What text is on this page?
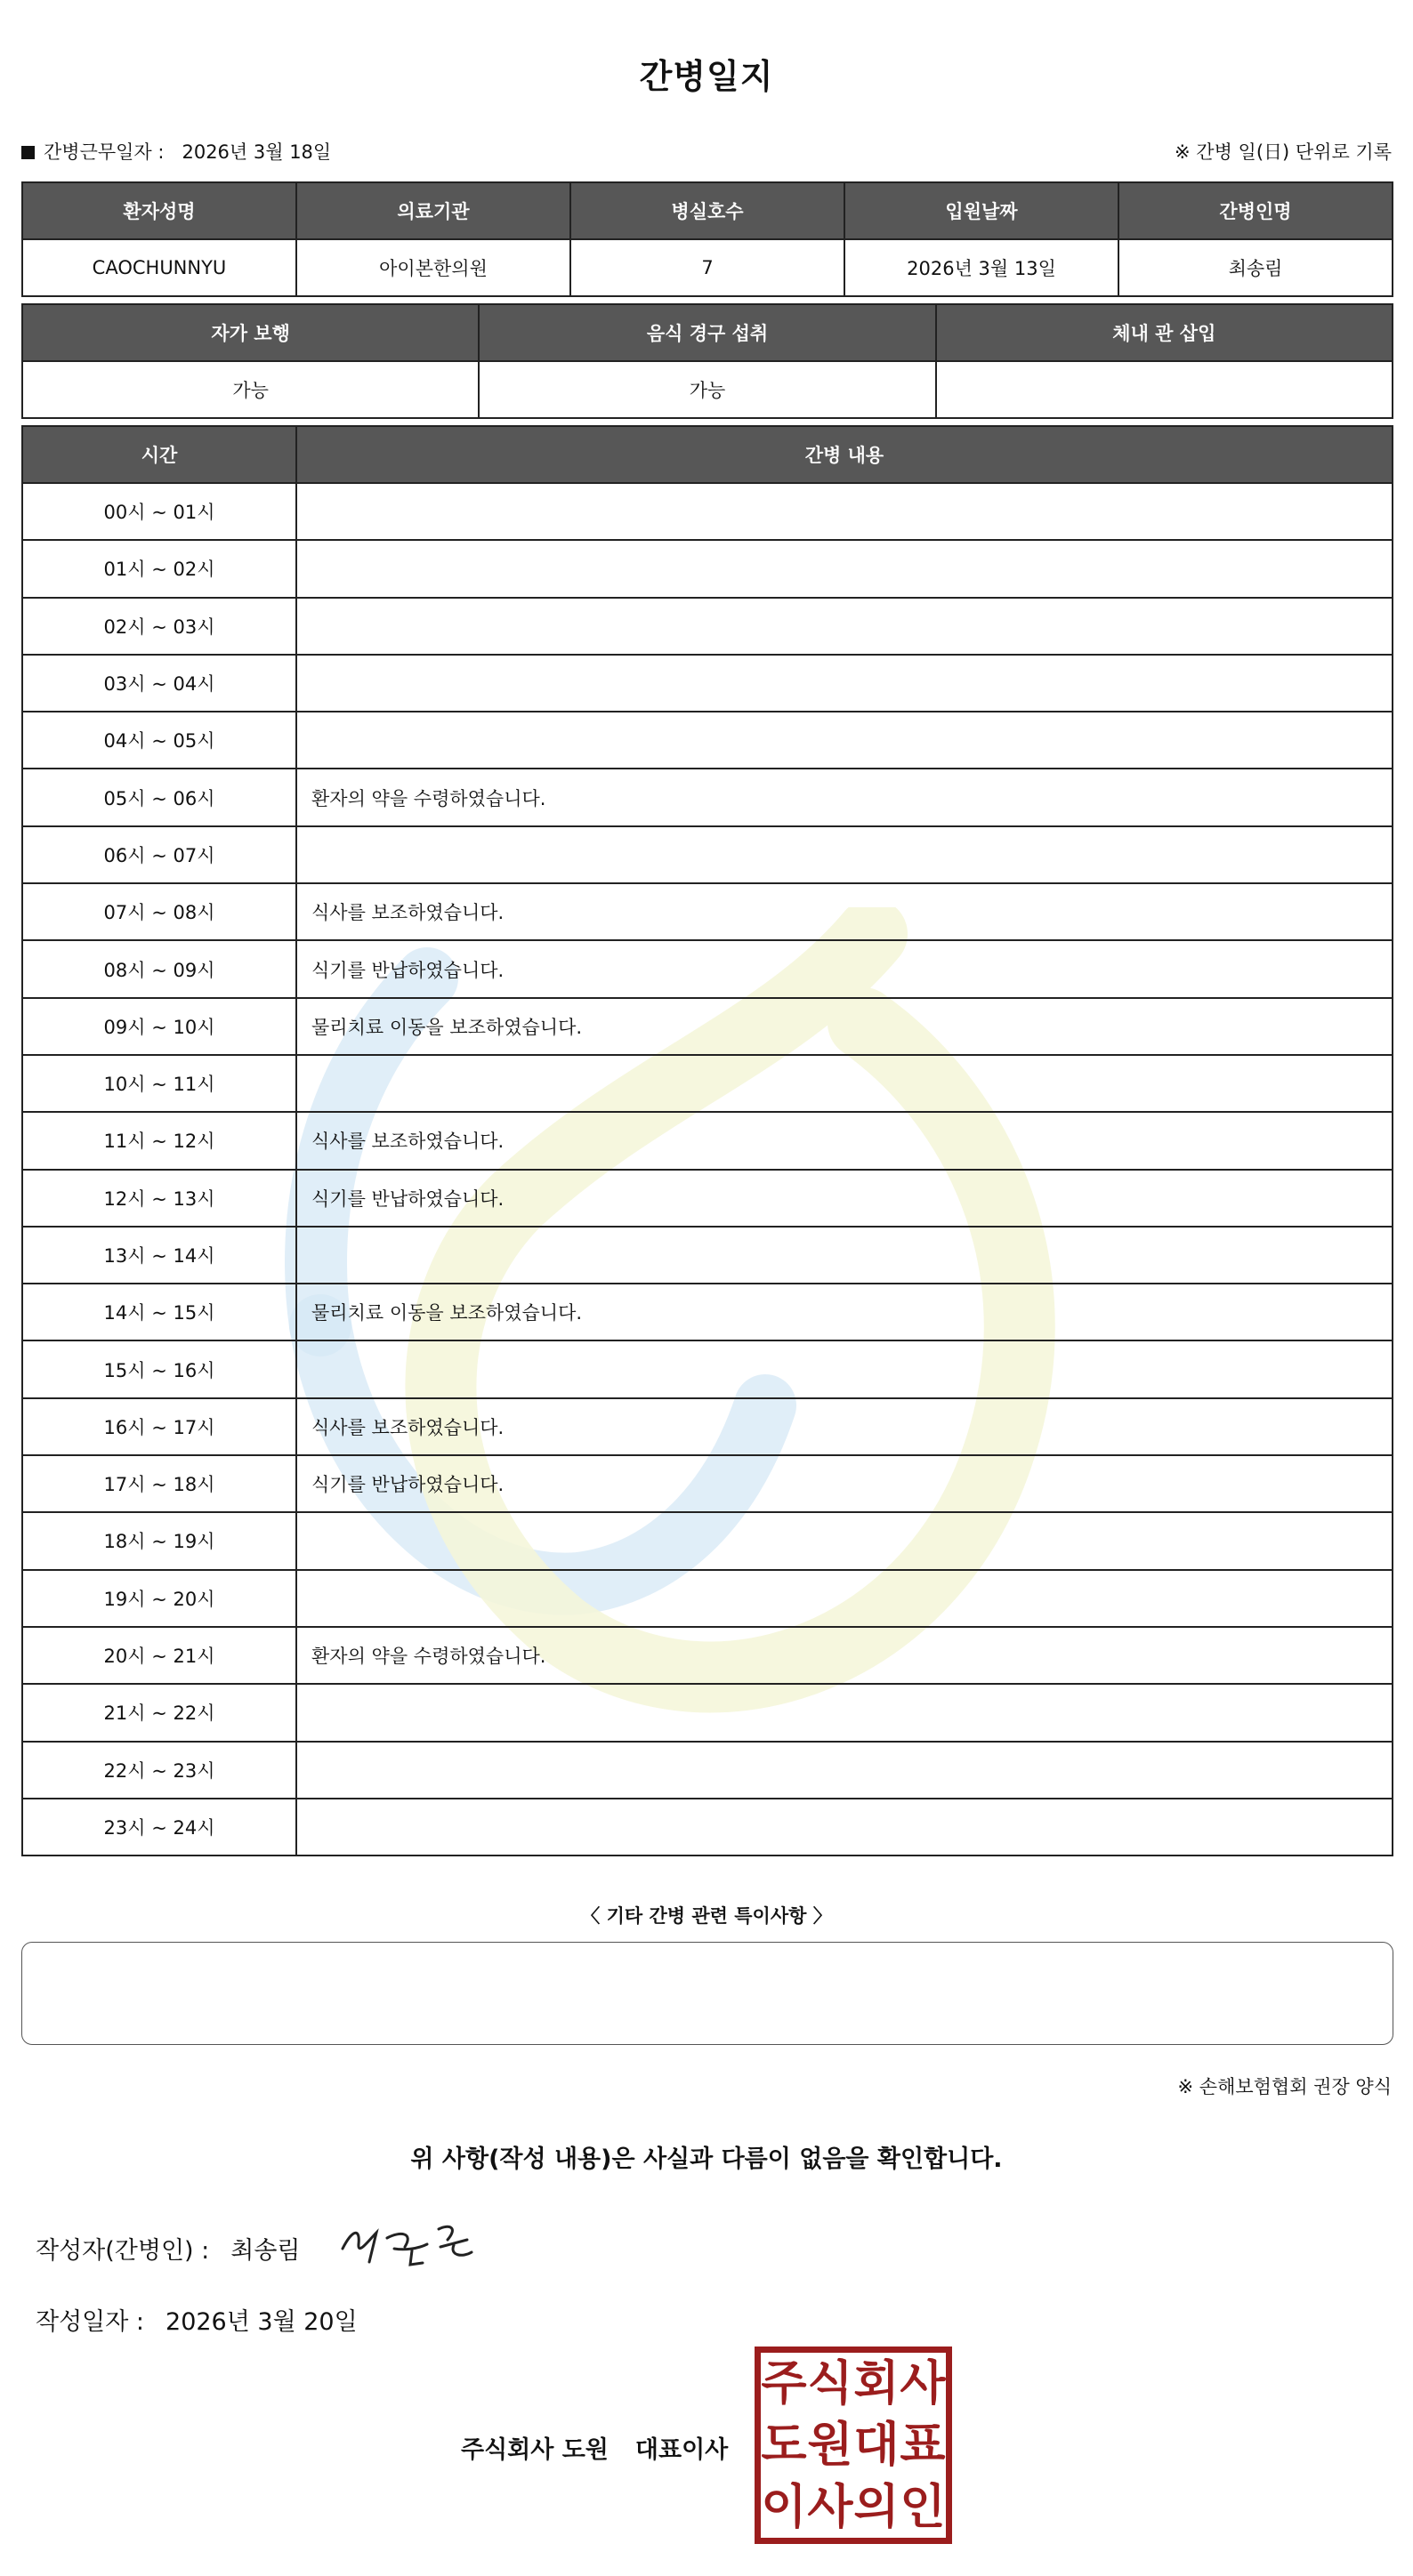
간병일지
간병근무일자 : 2026년 3월 18일	※ 간병 일(日) 단위로 기록
환자성명	의료기관	병실호수	입원날짜	간병인명
CAOCHUNNYU	아이본한의원	7	2026년 3월 13일	최송림
자가 보행	음식 경구 섭취	체내 관 삽입
가능	가능	
시간	간병 내용
00시 ~ 01시	
01시 ~ 02시	
02시 ~ 03시	
03시 ~ 04시	
04시 ~ 05시	
05시 ~ 06시	환자의 약을 수령하였습니다.
06시 ~ 07시	
07시 ~ 08시	식사를 보조하였습니다.
08시 ~ 09시	식기를 반납하였습니다.
09시 ~ 10시	물리치료 이동을 보조하였습니다.
10시 ~ 11시	
11시 ~ 12시	식사를 보조하였습니다.
12시 ~ 13시	식기를 반납하였습니다.
13시 ~ 14시	
14시 ~ 15시	물리치료 이동을 보조하였습니다.
15시 ~ 16시	
16시 ~ 17시	식사를 보조하였습니다.
17시 ~ 18시	식기를 반납하였습니다.
18시 ~ 19시	
19시 ~ 20시	
20시 ~ 21시	환자의 약을 수령하였습니다.
21시 ~ 22시	
22시 ~ 23시	
23시 ~ 24시	
〈 기타 간병 관련 특이사항 〉
※ 손해보험협회 권장 양식
위 사항(작성 내용)은 사실과 다름이 없음을 확인합니다.
작성자(간병인) : 최송림
작성일자 : 2026년 3월 20일
주식회사 도원 대표이사
주 식 회 사
도 원 대 표
이 사 의 인
